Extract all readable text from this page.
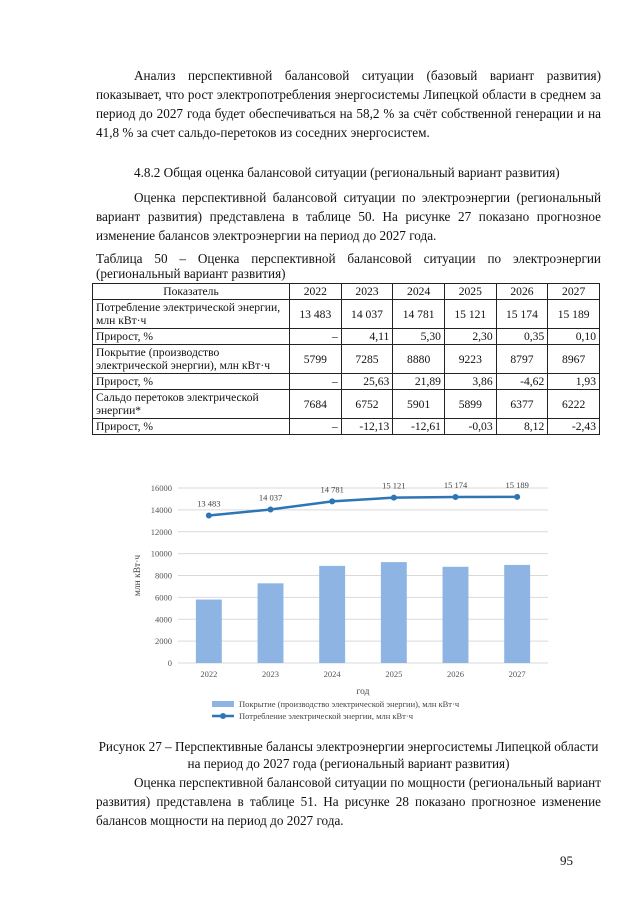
Анализ перспективной балансовой ситуации (базовый вариант развития) показывает, что рост электропотребления энергосистемы Липецкой области в среднем за период до 2027 года будет обеспечиваться на 58,2 % за счёт собственной генерации и на 41,8 % за счет сальдо-перетоков из соседних энергосистем.

4.8.2 Общая оценка балансовой ситуации (региональный вариант развития)

Оценка перспективной балансовой ситуации по электроэнергии (региональный вариант развития) представлена в таблице 50. На рисунке 27 показано прогнозное изменение балансов электроэнергии на период до 2027 года.

Таблица 50 – Оценка перспективной балансовой ситуации по электроэнергии (региональный вариант развития)

Показатель	2022	2023	2024	2025	2026	2027
Потребление электрической энергии, млн кВт·ч	13 483	14 037	14 781	15 121	15 174	15 189
Прирост, %	–	4,11	5,30	2,30	0,35	0,10
Покрытие (производство электрической энергии), млн кВт·ч	5799	7285	8880	9223	8797	8967
Прирост, %	–	25,63	21,89	3,86	-4,62	1,93
Сальдо перетоков электрической энергии*	7684	6752	5901	5899	6377	6222
Прирост, %	–	-12,13	-12,61	-0,03	8,12	-2,43
0
2000
4000
6000
8000
10000
12000
14000
16000
млн кВт·ч
2022	2023	2024	2025	2026	2027
год
13 483
14 037
14 781	15 121	15 174	15 189
Покрытие (производство электрической энергии), млн кВт·ч
Потребление электрической энергии, млн кВт·ч

Рисунок 27 – Перспективные балансы электроэнергии энергосистемы Липецкой области на период до 2027 года (региональный вариант развития)

Оценка перспективной балансовой ситуации по мощности (региональный вариант развития) представлена в таблице 51. На рисунке 28 показано прогнозное изменение балансов мощности на период до 2027 года.

95
